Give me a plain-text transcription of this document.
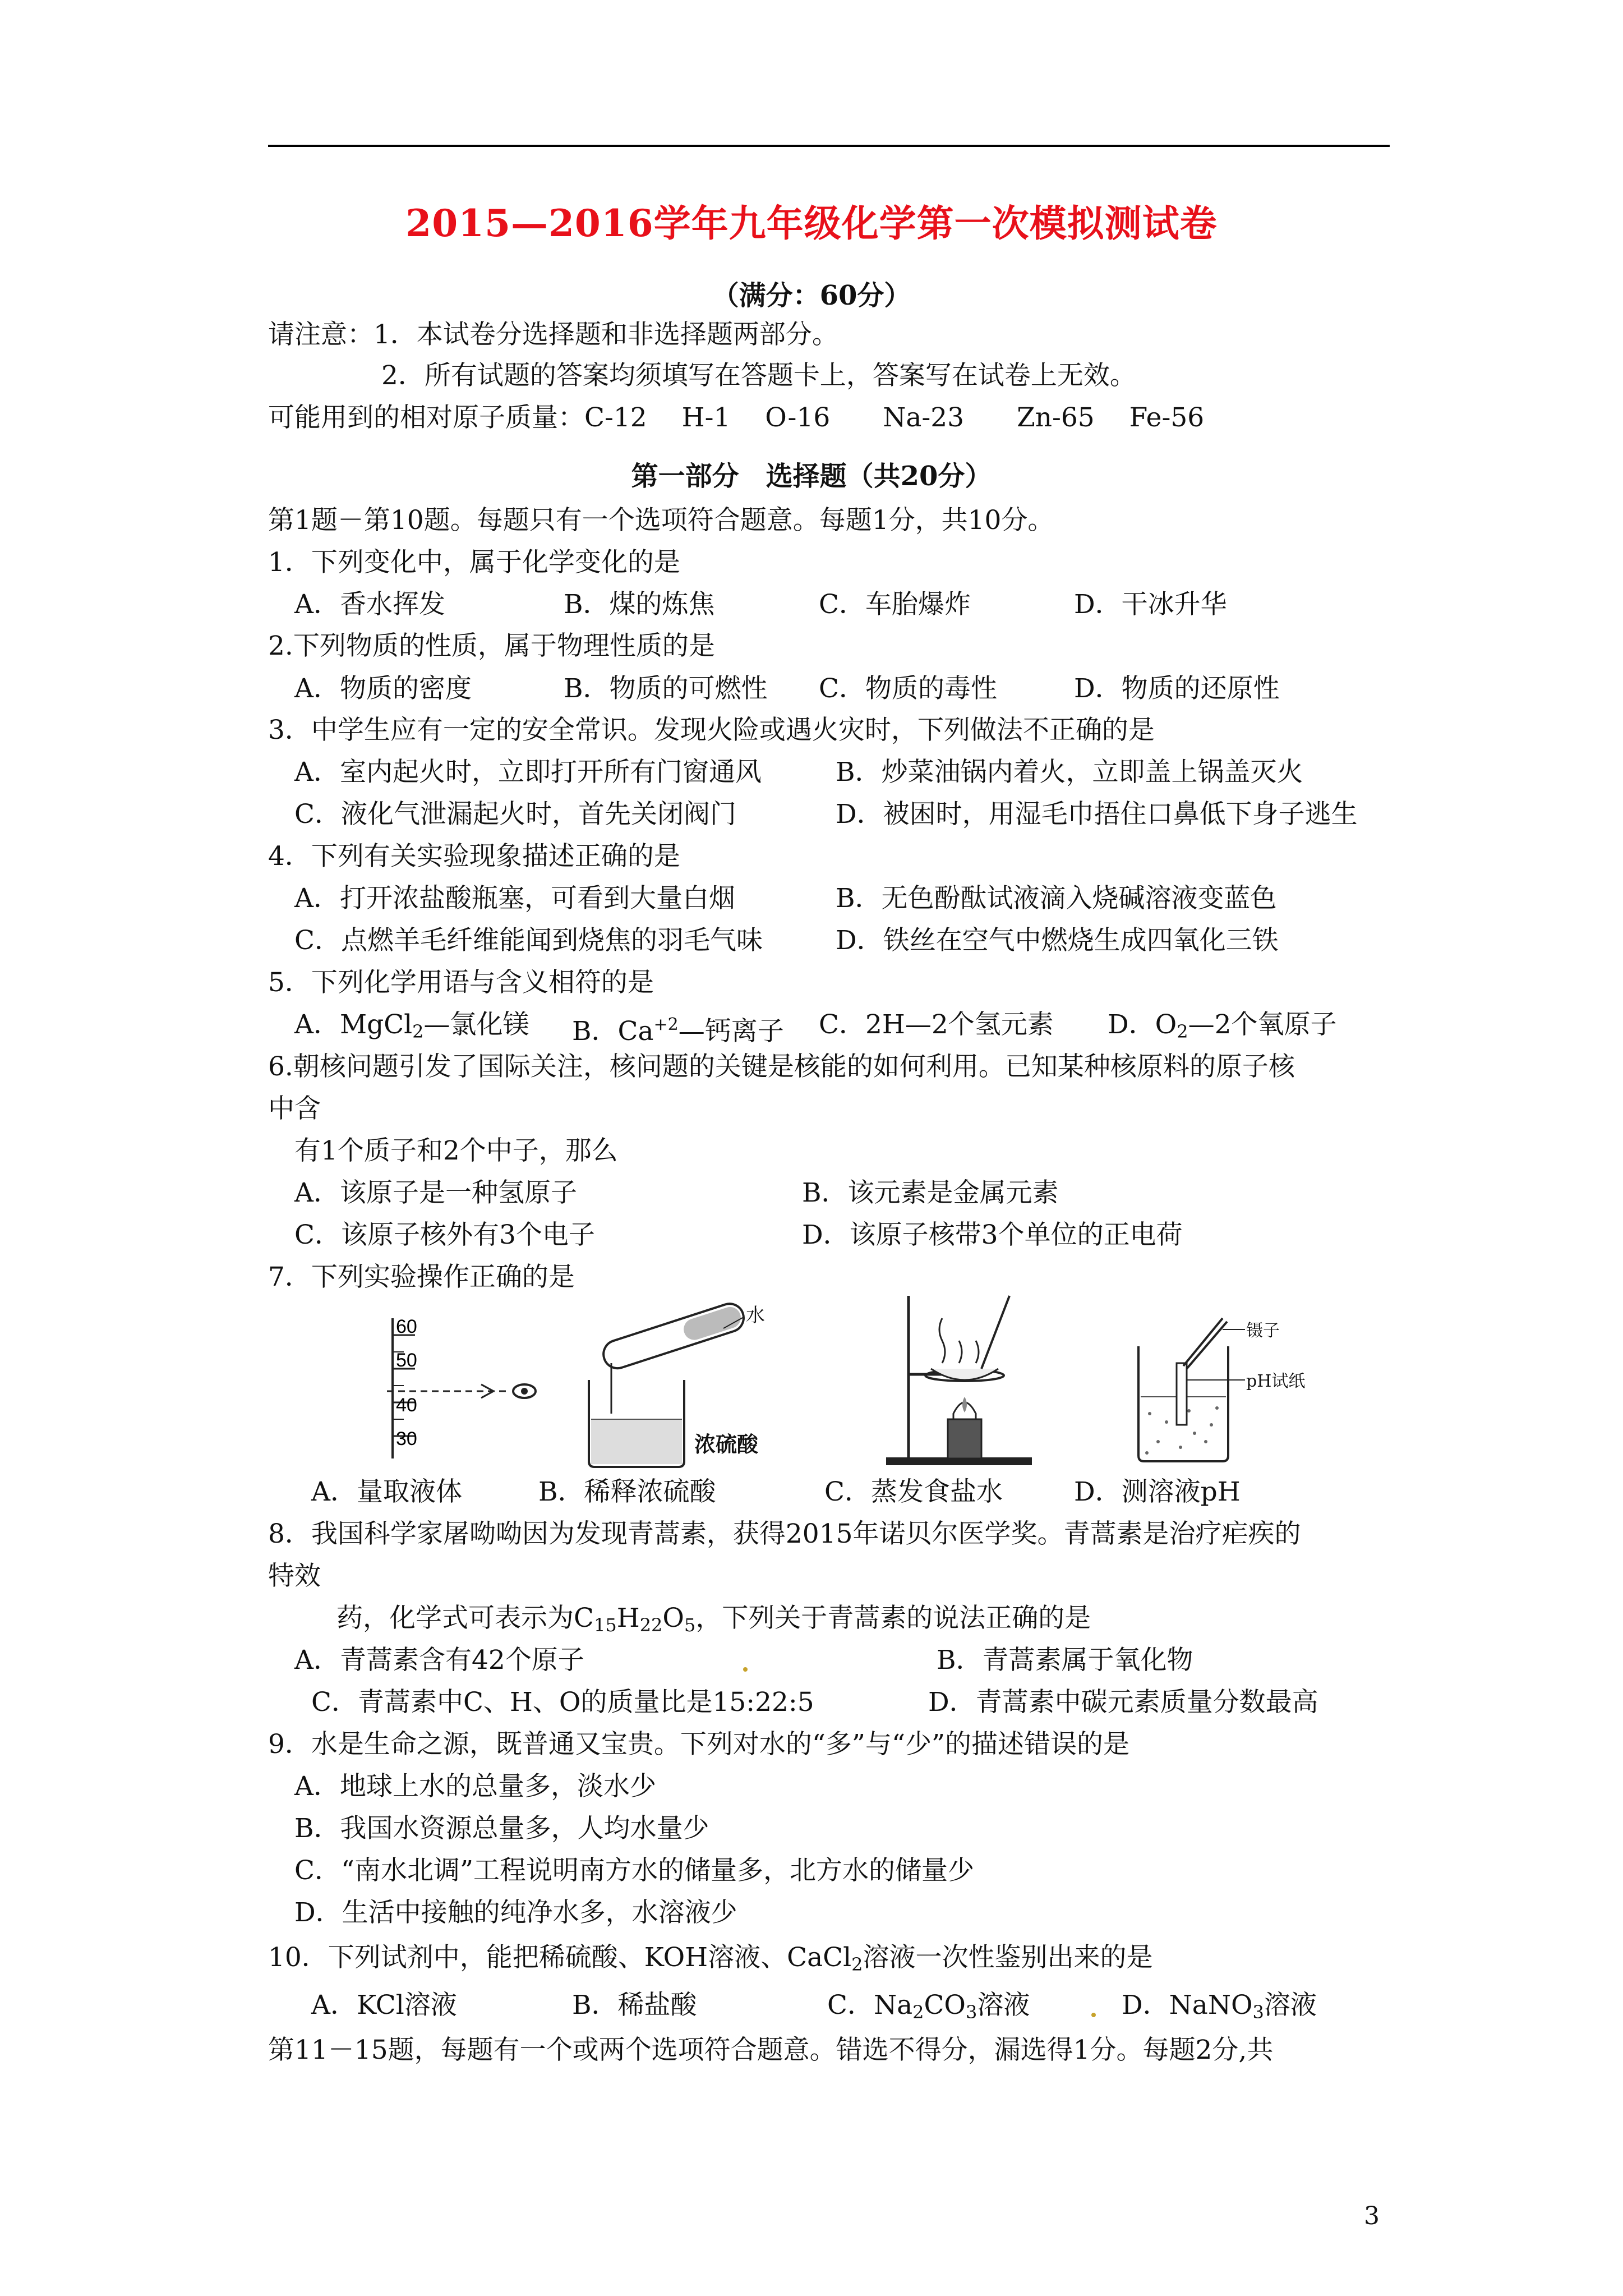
2015—2016学年九年级化学第一次模拟测试卷
（满分：60分）
请注意：1．本试卷分选择题和非选择题两部分。
2．所有试题的答案均须填写在答题卡上，答案写在试卷上无效。
可能用到的相对原子质量：C-12　 H-1　 O-16　　Na-23　　Zn-65　 Fe-56
第一部分　选择题（共20分）
第1题－第10题。每题只有一个选项符合题意。每题1分，共10分。
1．下列变化中，属于化学变化的是
A．香水挥发	B．煤的炼焦	C．车胎爆炸	D．干冰升华
2.下列物质的性质，属于物理性质的是
A．物质的密度	B．物质的可燃性 C．物质的毒性	D．物质的还原性
3．中学生应有一定的安全常识。发现火险或遇火灾时，下列做法不正确的是
A．室内起火时，立即打开所有门窗通风	B．炒菜油锅内着火，立即盖上锅盖灭火
C．液化气泄漏起火时，首先关闭阀门	D．被困时，用湿毛巾捂住口鼻低下身子逃生
4．下列有关实验现象描述正确的是
A．打开浓盐酸瓶塞，可看到大量白烟	B．无色酚酞试液滴入烧碱溶液变蓝色
C．点燃羊毛纤维能闻到烧焦的羽毛气味	D．铁丝在空气中燃烧生成四氧化三铁
5．下列化学用语与含义相符的是
A．MgCl$_2$—氯化镁 B．$Ca^{+2}—$钙离子 C．2H—2个氢元素 D．$O_2—2$个氧原子
6.朝核问题引发了国际关注，核问题的关键是核能的如何利用。已知某种核原料的原子核
中含
有1个质子和2个中子，那么
A．该原子是一种氢原子	B．该元素是金属元素
C．该原子核外有3个电子	D．该原子核带3个单位的正电荷
7．下列实验操作正确的是
60
50
40
30
水
浓硫酸
镊子
pH试纸
A．量取液体	B．稀释浓硫酸	C．蒸发食盐水	D．测溶液pH
8．我国科学家屠呦呦因为发现青蒿素，获得2015年诺贝尔医学奖。青蒿素是治疗疟疾的
特效
药，化学式可表示为$C_{15}H_{22}O_5$，下列关于青蒿素的说法正确的是
A．青蒿素含有42个原子	B．青蒿素属于氧化物
C．青蒿素中C、H、O的质量比是15:22:5	D．青蒿素中碳元素质量分数最高
9．水是生命之源，既普通又宝贵。下列对水的“多”与“少”的描述错误的是
A．地球上水的总量多，淡水少
B．我国水资源总量多，人均水量少
C．“南水北调”工程说明南方水的储量多，北方水的储量少
D．生活中接触的纯净水多，水溶液少
10．下列试剂中，能把稀硫酸、KOH溶液、CaCl$_2$溶液一次性鉴别出来的是
A．KCl溶液	B．稀盐酸	C．$Na_2CO_3$溶液	D．NaNO$_3$溶液
第11－15题，每题有一个或两个选项符合题意。错选不得分，漏选得1分。每题2分,共
3
